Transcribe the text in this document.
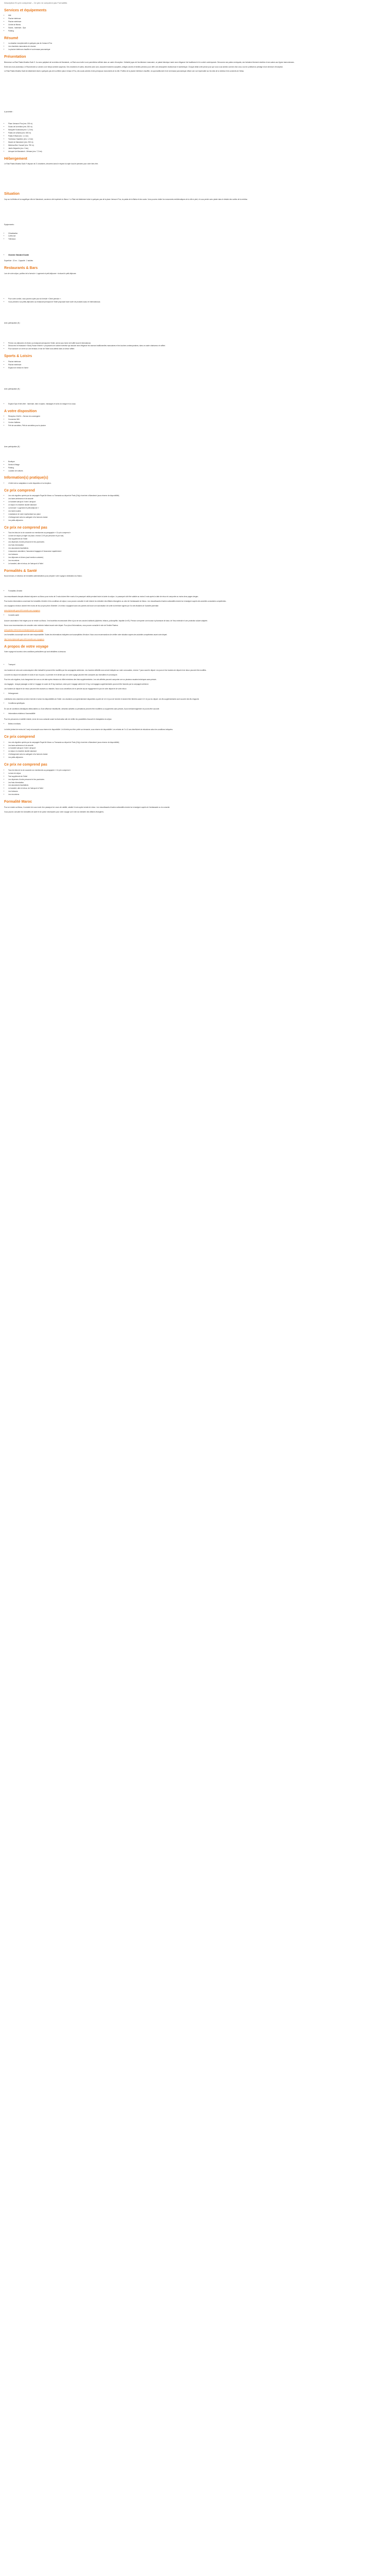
Description En prix compensé – Ce prix ne comprend pas Formalités
Services et équipements
• Wifi
• Piscine intérieure
• Piscine extérieure
• Centre de fitness
• Sauna - hammam - Spa
• Parking
Résumé
• La situation exceptionnelle à quelques pas de Jomaa el Fna
• Les chambres marocaines de charme
• La piscine intérieure chauffée et sa terrasse panoramique
Présentation

Bienvenue au Riad Palais Mnabha Sadi 4*. Au cœur palpitant de la médina de Marrakech, ce Riad vous invite à une parenthèse raffinée dans un cadre d'exception. Véritable joyau de l'architecture marocaine, ce palais historique marie avec élégance l'art traditionnel et le confort contemporain. Découvrez ses patios verdoyants, ses fontaines finement ciselées et ses salons aux lignes harmonieuses.

Entre ses murs ancestraux, le Riad dévoile un univers où le temps semble suspendu. Ses chambres et suites, décorées avec soin, associent boiseries sculptées, zelliges colorés et textiles précieux pour offrir une atmosphère chaleureuse et authentique. Chaque détail a été pensé pour que vous vous sentiez comme chez vous, tout en profitant du prestige d'une demeure d'exception.

Le Riad Palais Mnabha Sadi est idéalement situé à quelques pas de la célèbre place Jemaa el Fna, des souks animés et des principaux monuments de la ville. Profitez de la piscine intérieure chauffée, du spa traditionnel et de la terrasse panoramique offrant une vue imprenable sur les toits de la médina et les sommets de l'Atlas.

A proximité :

• Place Jemaa el Fna (env. 200 m)
• Souks de la médina (env. 300 m)
• Mosquée Koutoubia (env. 1,2 km)
• Palais de la Bahia (env. 800 m)
• Palais El Badi (env. 1,1 km)
• Tombeaux Saadiens (env. 1,3 km)
• Musée de Marrakech (env. 900 m)
• Médersa Ben Youssef (env. 750 m)
• Jardin Majorelle (env. 3 km)
• Aéroport de Marrakech - Ménara (env. 7,2 km)
Hébergement

Le Riad Palais Mnabha Sadi 4* dispose de 21 chambres, décorées dans le respect du style local et pensées pour votre bien-être.

Situation

Cap sur la Médina et la magnifique ville de Marrakech, ancienne cité impériale du Maroc ! Le Riad est idéalement situé à quelques pas de la place Jemaa el Fna, du palais de la Bahia et des souks. Vous pourrez visiter les monuments emblématiques de la ville à pied, et vous perdre avec plaisir dans le dédale des ruelles de la médina.

Equipements :

• Climatisation
• Coffre-fort
• Télévision
• Chambre Standard Double

Superficie : 22 m² - Capacité : 2 adultes

Restaurants & Bars

Lors de votre séjour, profitez de la formule « Logement et petit-déjeuner » incluant le petit-déjeuner.

• Pour votre confort, vous pourrez opter pour la formule « Demi-pension ».
• Vous prendrez vos petits-déjeuners au restaurant principal de l'hôtel proposant toute sorte de produits locaux et internationaux.

Avec participation (€) :

• Prenez vos déjeuners et dîners au restaurant principal de l'hôtel, servis sous forme de buffet local et international.
• Découvrez le restaurant « Bordj Fusion Kitchen » proposant une cuisine inventive qui associe avec élégance les saveurs traditionnelles marocaines et les touches contemporaines, dans un cadre chaleureux et raffiné.
• Pour savourer un verre sur une terrasse, le bar de l'hôtel vous attend dans un décor raffiné.
Sports & Loisirs
• Piscine intérieure
• Piscine extérieure
• Espace de remise en forme

Avec participation (€) :

• Espace Spa et bien-être : hammam, bain à vapeur, massages et soins du visage et du corps.
A votre disposition
• Réception 24h/24 – Service de conciergerie
• Connexion Wifi
• Centre d'affaires
• Prêt de serviettes, Prêt de serviettes pour la piscine

Avec participation (€) :

• Boutique
• Service d'étage
• Parking
• Location de voitures
Information(s) pratique(s)
• L'hôtel met un adaptateur à votre disposition à la réception.
Ce prix comprend
• Les vols réguliers opérés par la compagnie Royal Air Maroc ou Transavia au départ de Paris (Orly) et arrivée à Marrakech (sous réserve de disponibilité)
• Les taxes aériennes et de sécurité
• Le transfert aéroport / hôtel / aéroport
• Le séjour en chambre double standard
• La formule « Logement et petit-déjeuner »
• Les taxes locales
• L'assistance de notre représentant sur place
• L'hébergement selon la catégorie et la formule choisie
• Les petits-déjeuners
Ce prix ne comprend pas
• Tous les frais de la vie courante non mentionnés au paragraphe « Ce prix comprend »
• La taxe de séjour (à régler sur place, environ 2,5 € par personne et par nuit)
• Tout supplément de l'hôtel
• Les dépenses d'ordre personnel et les pourboires
• Les frais d'annulation
• Les assurances facultatives
• L'assurance annulation, l'assurance bagages et l'assurance rapatriement
• Les boissons
• Les déjeuners et dîners (sauf mention contraire)
• Les excursions
• Le transfert, aller et retour, de l'aéroport à l'hôtel
Formalités & Santé

Nous formons, le désireux de formalités administratives pour préparer votre voyage à destination du Maroc.

• Formalités d'entrée

Les ressortissants français désirant séjourner au Maroc pour moins de 3 mois doivent être munis d'un passeport valide pendant toute la durée du séjour. Le passeport doit être valable au moins 6 mois après la date de retour et comporter au moins deux pages vierges.

Pour toutes informations concernant les formalités d'entrée et les conditions de séjour, vous pouvez consulter le site internet du ministère des Affaires étrangères ou celui de l'ambassade du Maroc. Les ressortissants d'autres nationalités doivent se renseigner auprès des autorités consulaires compétentes.

Les voyageurs mineurs doivent être munis de leur propre pièce d'identité. Un mineur voyageant sans ses parents doit avoir une autorisation de sortie du territoire signée par l'un des titulaires de l'autorité parentale.

www.diplomatie.gouv.fr/fr/conseils-aux-voyageurs

• Conseils santé

Aucune vaccination n'est exigée pour se rendre au Maroc. Il est toutefois recommandé d'être à jour de ses vaccins habituels (diphtérie, tétanos, poliomyélite, hépatite A et B). Pensez à emporter une trousse à pharmacie de base, de l'eau minérale et une protection solaire adaptée.

Nous vous recommandons de consulter votre médecin traitant avant votre départ. Pour plus d'informations, vous pouvez consulter le site de l'Institut Pasteur.

www.pasteur.fr/fr/centre-medical/preparer-son-voyage

Les formalités à accomplir sont de votre responsabilité. Toutes les informations indiquées sont susceptibles d'évoluer. Nous vous recommandons de vérifier votre situation auprès des autorités compétentes avant votre départ.

http://www.diplomatie.gouv.fr/fr/conseils-aux-voyageurs

A propos de votre voyage

Votre voyage est soumis à des conditions particulières qui sont détaillées ci-dessous.

• Transport

Les horaires de vols sont communiqués à titre indicatif et peuvent être modifiés par les compagnies aériennes. Les horaires définitifs vous seront indiqués sur votre convocation, environ 7 jours avant le départ. Les jours et les horaires de départ et de retour peuvent être modifiés.

La durée du séjour est calculée en nuits et non en jours. Le premier et le dernier jour de votre voyage peuvent être consacrés aux formalités et au transport.

Pour les vols réguliers, tout changement de nom ou de date après émission du billet entraînera des frais supplémentaires. Les vols affrétés peuvent comporter une ou plusieurs escales techniques sans préavis.

Les bagages : chaque passager a droit à 1 bagage en soute de 20 kg maximum, ainsi qu'à 1 bagage cabine de 10 kg. Les bagages supplémentaires pourront être facturés par la compagnie aérienne.

Les horaires de départ et de retour peuvent être avancés ou retardés. Nous vous conseillons de ne prendre aucun engagement le jour de votre départ et de votre retour.

• Hébergement

L'attribution des chambres se fait à l'arrivée et selon les disponibilités de l'hôtel. Les chambres sont généralement disponibles à partir de 14 h le jour de l'arrivée et doivent être libérées avant 12 h le jour du départ. Les lits supplémentaires sont souvent des lits d'appoint.

• Conditions spécifiques

En cas de conditions climatiques défavorables ou d'une affluence inhabituelle, certaines activités ou prestations peuvent être modifiées ou supprimées sans préavis. Aucun dédommagement ne pourra être accordé.

• Informations relatives à l'accessibilité

Pour les personnes à mobilité réduite, merci de nous contacter avant la réservation afin de vérifier les possibilités d'accueil et d'adaptation du séjour.

• Bébés et enfants

Le bébé (enfant de moins de 2 ans) est accepté sous réserve de disponibilité. Un lit bébé peut être prêté sur demande, sous réserve de disponibilité. Les enfants de 2 à 11 ans bénéficient de réductions selon les conditions indiquées.

Ce prix comprend
• Les vols réguliers opérés par la compagnie Royal Air Maroc ou Transavia au départ de Paris (Orly) et arrivée à Marrakech (sous réserve de disponibilité)
• Les taxes aériennes et de sécurité
• Le transfert aéroport / hôtel / aéroport
• Le séjour en chambre double standard
• L'hébergement selon la catégorie et la formule choisie
• Les petits-déjeuners
Ce prix ne comprend pas
• Tous les frais de la vie courante non mentionnés au paragraphe « Ce prix comprend »
• La taxe de séjour
• Tout supplément de l'hôtel
• Les dépenses d'ordre personnel et les pourboires
• Les frais d'annulation
• Les assurances facultatives
• Le transfert, aller et retour, de l'aéroport à l'hôtel
• Les boissons
• Les excursions
Formalité Maroc

Pour se rendre au Maroc, il convient de vous munir d'un passeport en cours de validité, valable 6 mois après la date de retour. Les ressortissants d'autres nationalités doivent se renseigner auprès de l'ambassade ou du consulat.

Vous pouvez consulter les formalités de santé et de police nécessaires pour votre voyage sur le site du ministère des Affaires étrangères.
